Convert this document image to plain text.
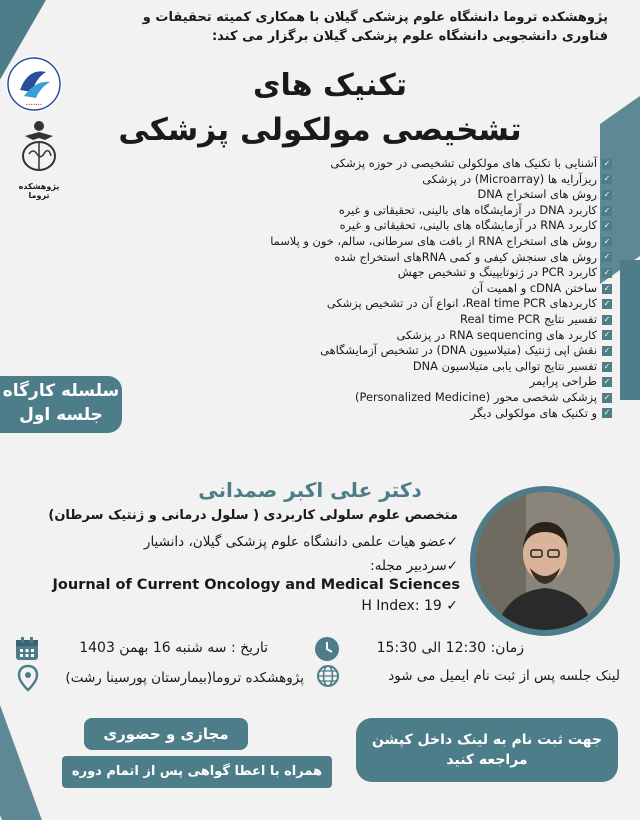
پژوهشکده تروما دانشگاه علوم پزشکی گیلان با همکاری کمیته تحقیقات و
فناوری دانشجویی دانشگاه علوم پزشکی گیلان برگزار می کند:
•••••••
پژوهشکده تروما
تکنیک های
تشخیصی مولکولی پزشکی
✓
آشنایی با تکنیک های مولکولی تشخیصی در حوزه پزشکی
✓
ریزآرایه ها (Microarray) در پزشکی
✓
روش های استخراج DNA
✓
کاربرد DNA در آزمایشگاه های بالینی، تحقیقاتی و غیره
✓
کاربرد RNA در آزمایشگاه های بالینی، تحقیقاتی و غیره
✓
روش های استخراج RNA از بافت های سرطانی، سالم، خون و پلاسما
✓
روش های سنجش کیفی و کمی RNAهای استخراج شده
✓
کاربرد PCR در ژنوتایپینگ و تشخیص جهش
✓
ساختن cDNA و اهمیت آن
✓
کاربردهای Real time PCR، انواع آن در تشخیص پزشکی
✓
تفسیر نتایج Real time PCR
✓
کاربرد های RNA sequencing در پزشکی
✓
نقش اپی ژنتیک (متیلاسیون DNA) در تشخیص آزمایشگاهی
✓
تفسیر نتایج توالی یابی متیلاسیون DNA
✓
طراحی پرایمر
✓
پزشکی شخصی محور (Personalized Medicine)
✓
و تکنیک های مولکولی دیگر
سلسله کارگاه
جلسه اول
دکتر علی اکبر صمدانی
متخصص علوم سلولی کاربردی ( سلول درمانی و ژنتیک سرطان)
✓عضو هیات علمی دانشگاه علوم پزشکی گیلان، دانشیار
✓سردبیر مجله:
Journal of Current Oncology and Medical Sciences
H Index: 19 ✓
تاریخ : سه شنبه 16 بهمن 1403	زمان: 12:30 الی 15:30
پژوهشکده تروما(بیمارستان پورسینا رشت)	لینک جلسه پس از ثبت نام ایمیل می شود
مجازی و حضوری
همراه با اعطا گواهی پس از اتمام دوره
جهت ثبت نام به لینک داخل کپشن
مراجعه کنید
